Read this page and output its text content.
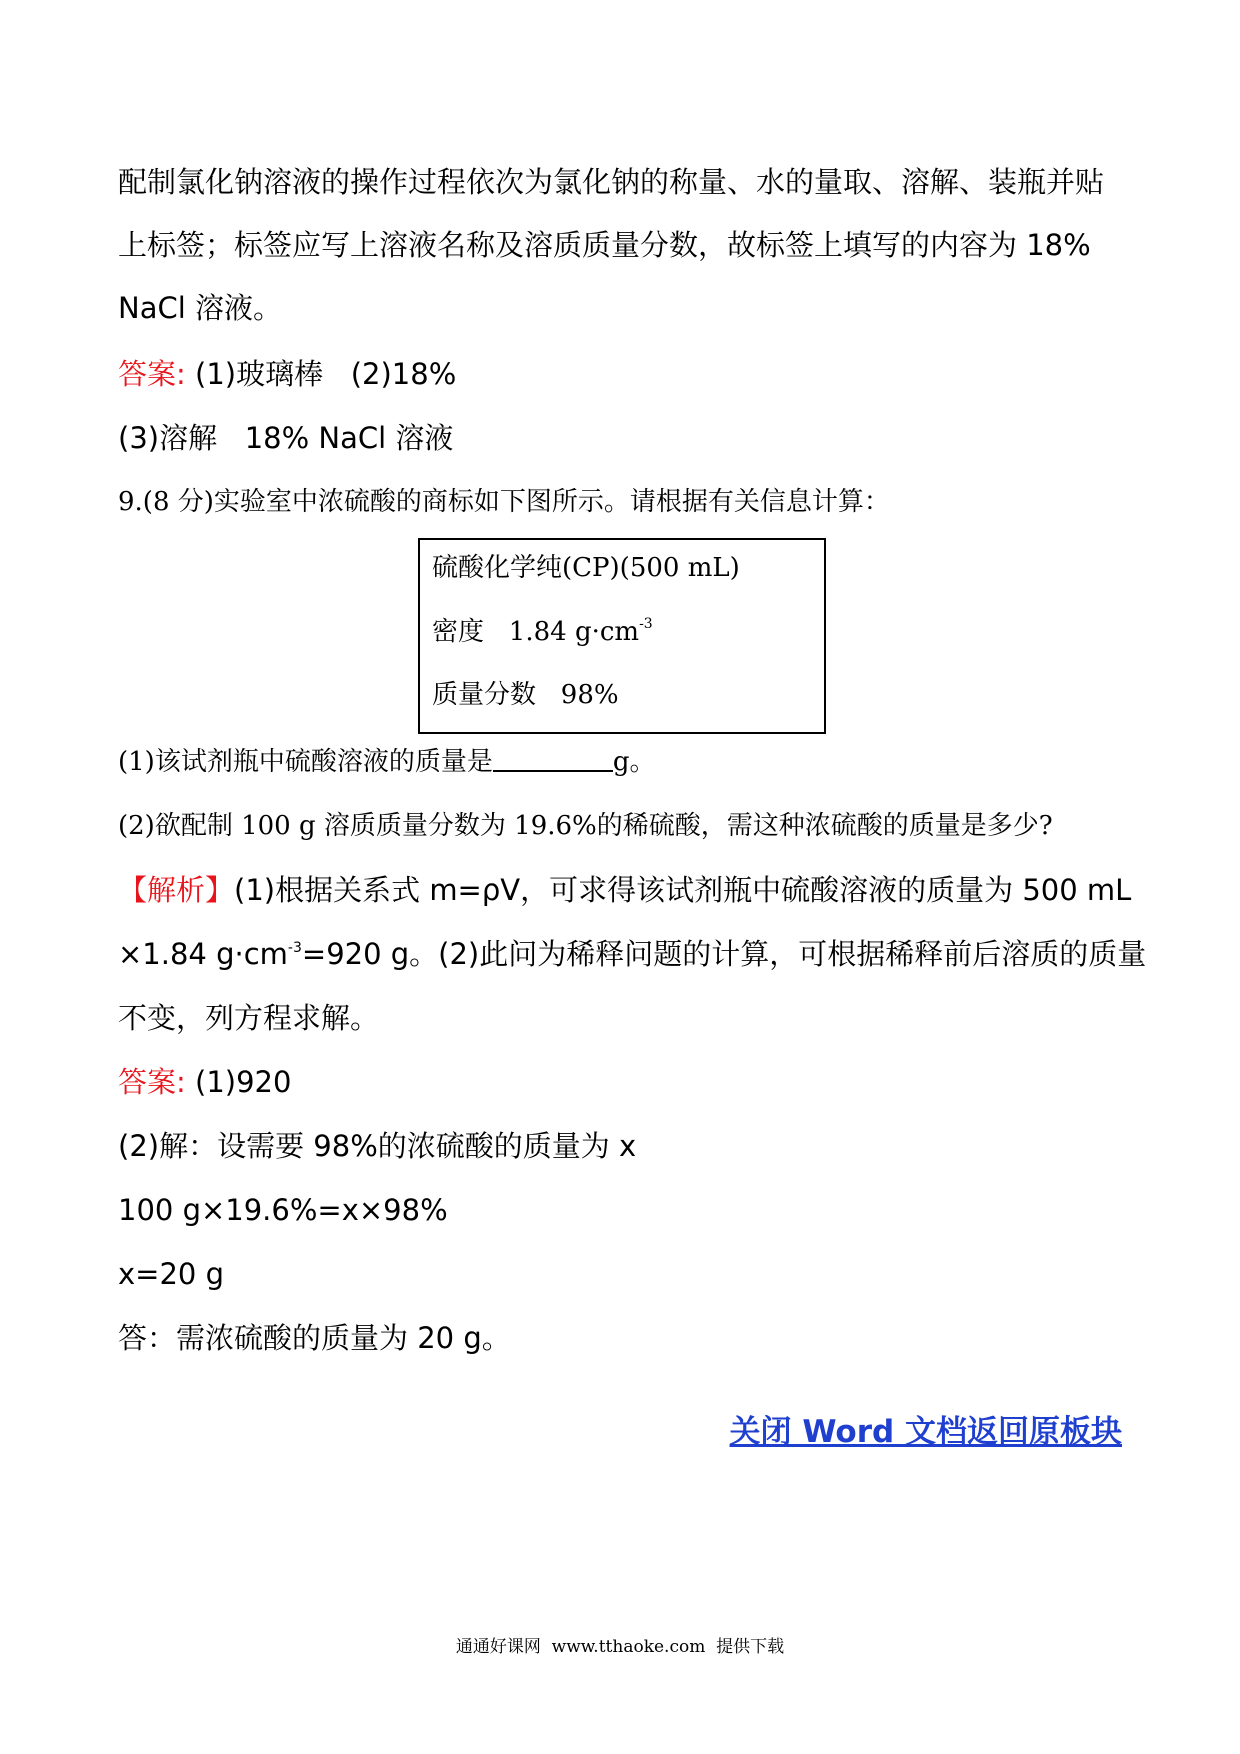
配制氯化钠溶液的操作过程依次为氯化钠的称量、水的量取、溶解、装瓶并贴
上标签；标签应写上溶液名称及溶质质量分数，故标签上填写的内容为 18%
NaCl 溶液。
答案: (1)玻璃棒   (2)18%
(3)溶解   18% NaCl 溶液
9.(8 分)实验室中浓硫酸的商标如下图所示。请根据有关信息计算：
硫酸化学纯(CP)(500 mL)
密度   1.84 $g\cdot cm^{-3}$
质量分数   98%
(1)该试剂瓶中硫酸溶液的质量是	g。
(2)欲配制 100 g 溶质质量分数为 19.6%的稀硫酸，需这种浓硫酸的质量是多少?
【解析】(1)根据关系式 m=ρV，可求得该试剂瓶中硫酸溶液的质量为 500 mL
×1.84 $g\cdot cm^{-3}=920$ g。(2)此问为稀释问题的计算，可根据稀释前后溶质的质量
不变，列方程求解。
答案: (1)920
(2)解：设需要 98%的浓硫酸的质量为 x
100 g×19.6%=x×98%
x=20 g
答：需浓硫酸的质量为 20 g。
关闭 Word 文档返回原板块
通通好课网  www.tthaoke.com  提供下载
